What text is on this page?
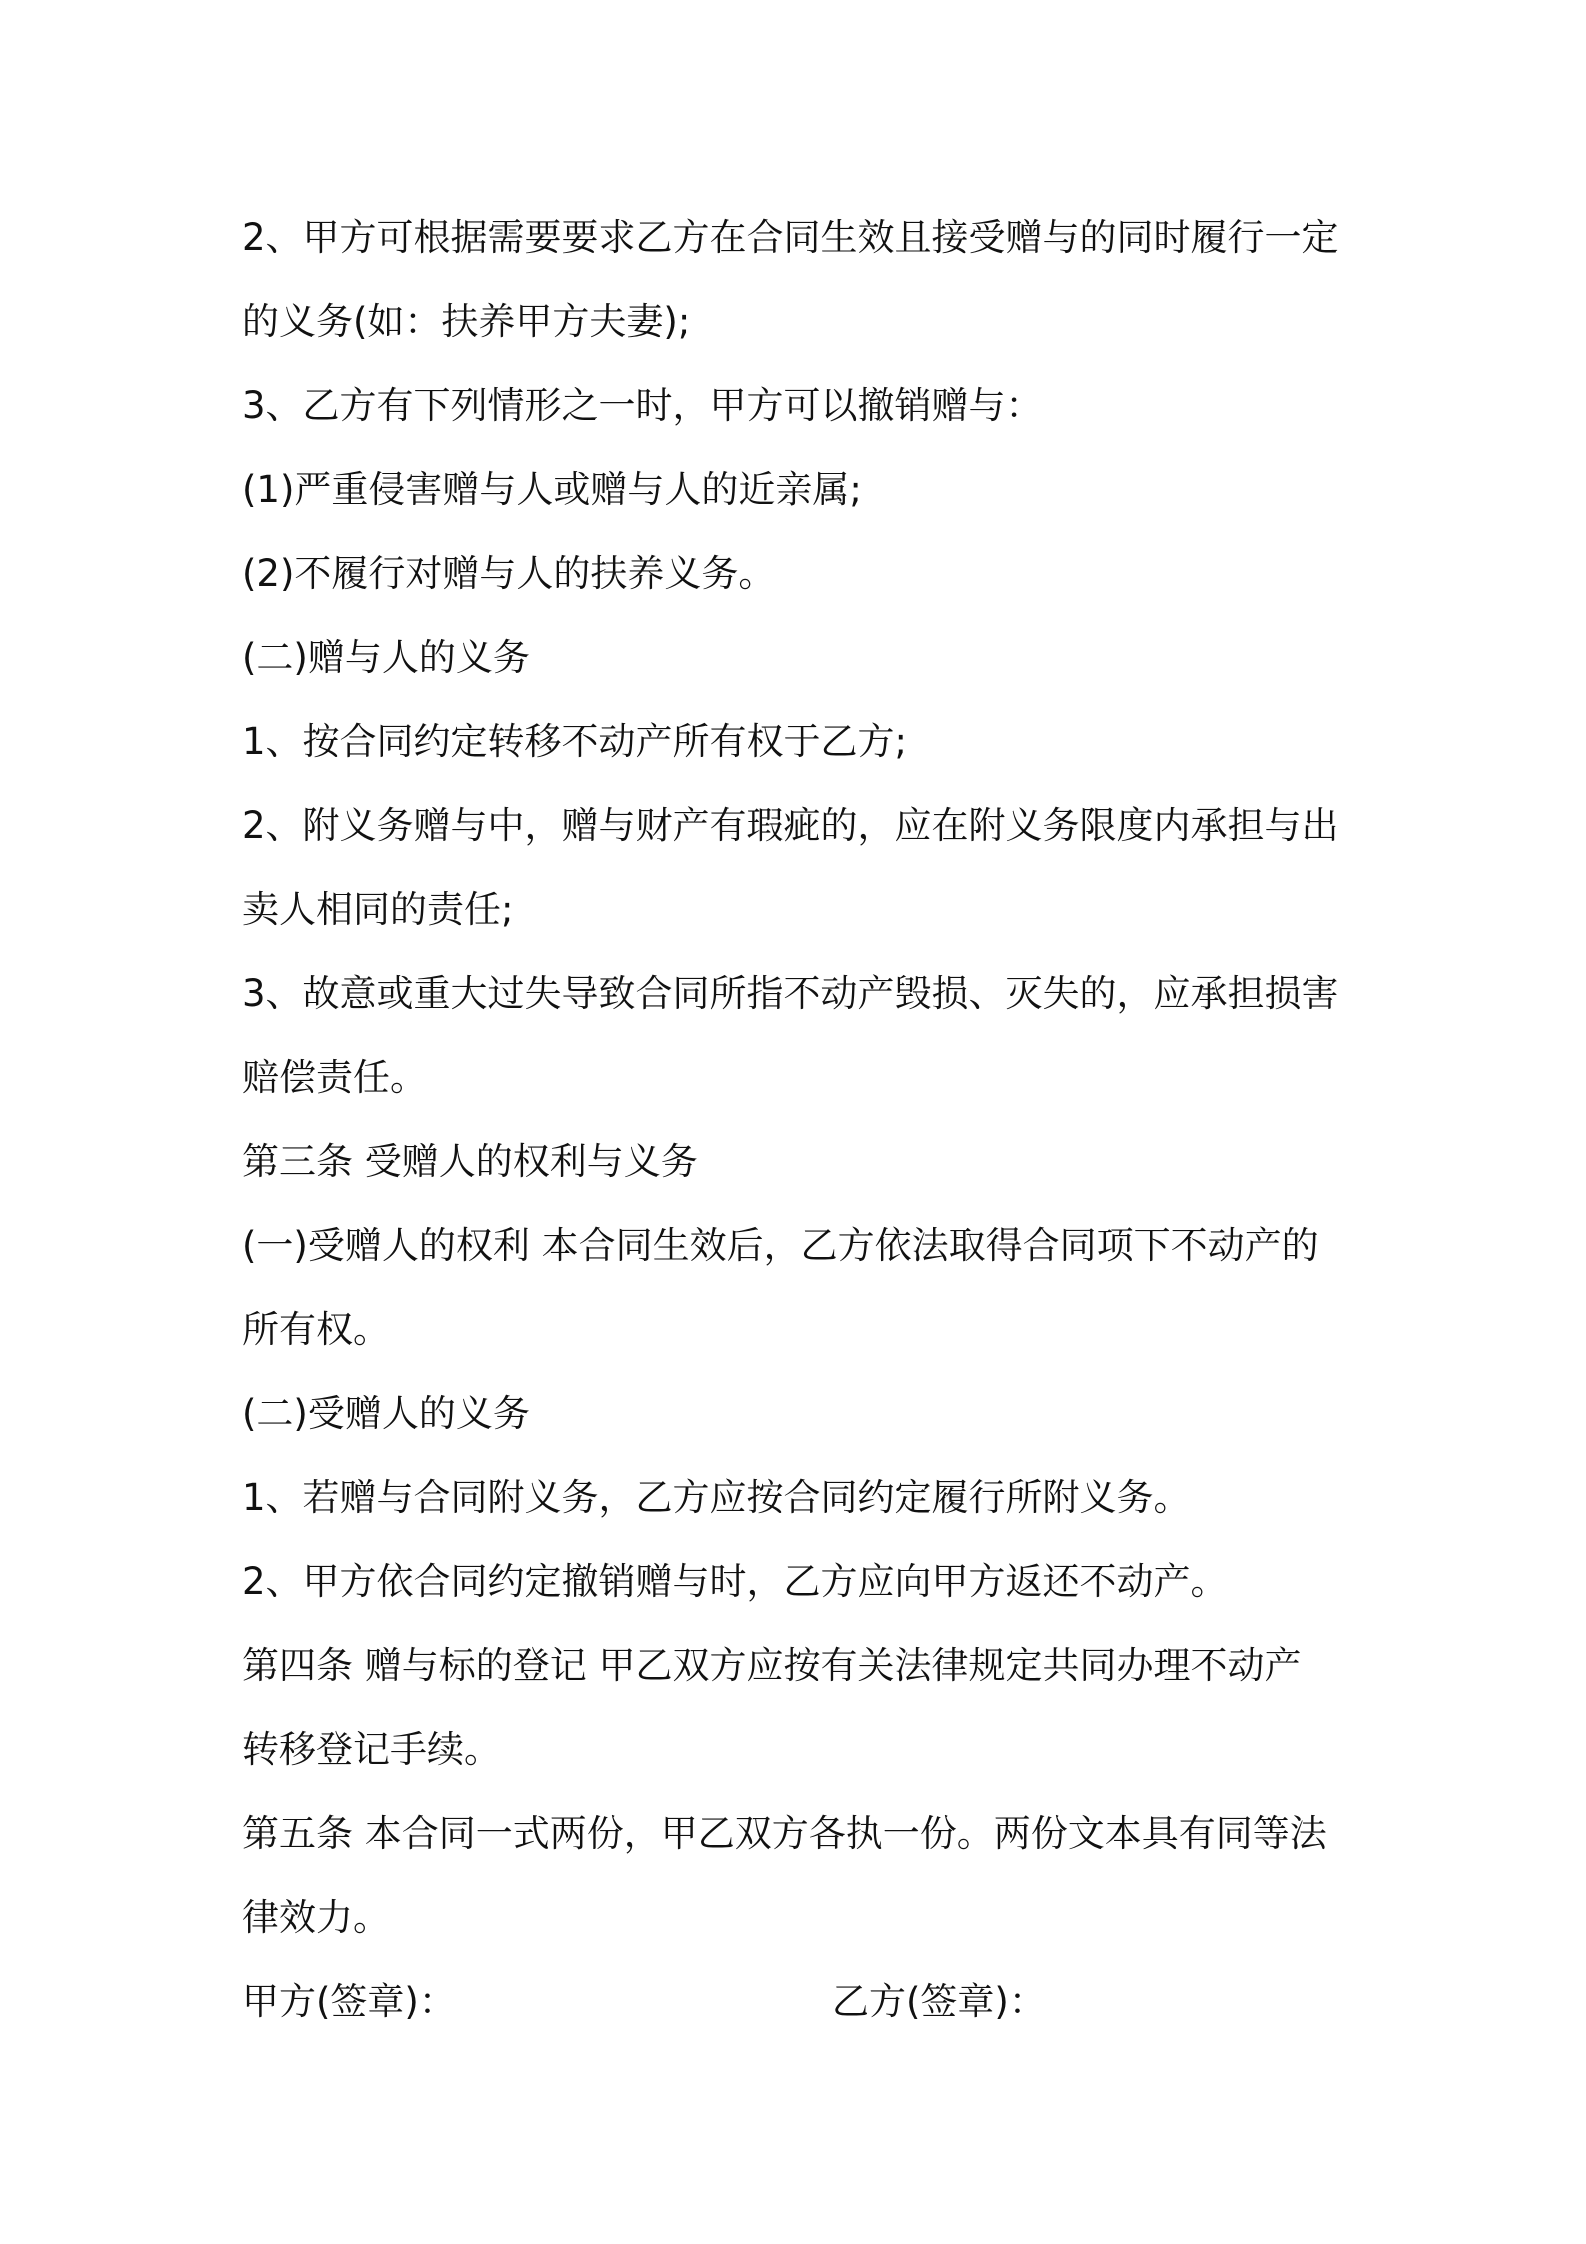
2、甲方可根据需要要求乙方在合同生效且接受赠与的同时履行一定
的义务(如：扶养甲方夫妻);
3、乙方有下列情形之一时，甲方可以撤销赠与：
(1)严重侵害赠与人或赠与人的近亲属;
(2)不履行对赠与人的扶养义务。
(二)赠与人的义务
1、按合同约定转移不动产所有权于乙方;
2、附义务赠与中，赠与财产有瑕疵的，应在附义务限度内承担与出
卖人相同的责任;
3、故意或重大过失导致合同所指不动产毁损、灭失的，应承担损害
赔偿责任。
第三条 受赠人的权利与义务
(一)受赠人的权利 本合同生效后，乙方依法取得合同项下不动产的
所有权。
(二)受赠人的义务
1、若赠与合同附义务，乙方应按合同约定履行所附义务。
2、甲方依合同约定撤销赠与时，乙方应向甲方返还不动产。
第四条 赠与标的登记 甲乙双方应按有关法律规定共同办理不动产
转移登记手续。
第五条 本合同一式两份，甲乙双方各执一份。两份文本具有同等法
律效力。
甲方(签章)：	乙方(签章)：
